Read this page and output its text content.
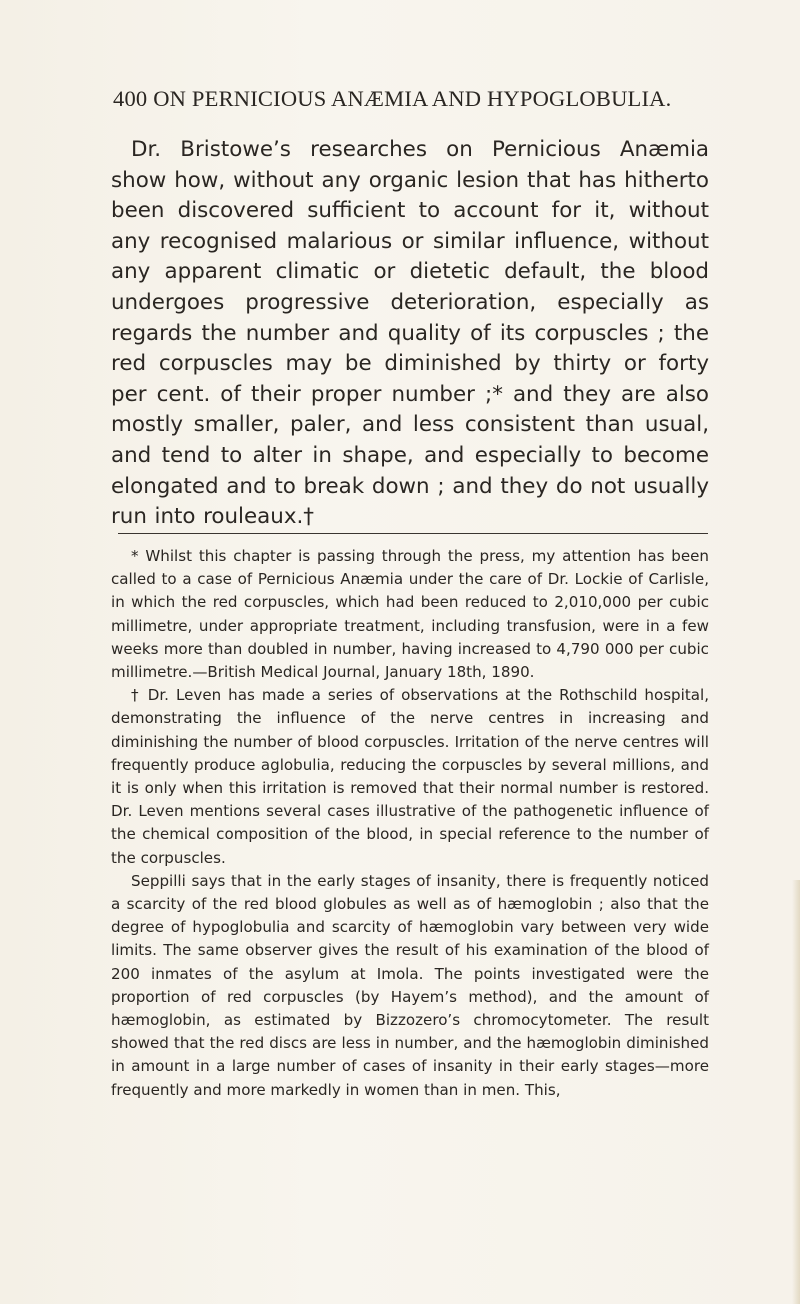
400 ON PERNICIOUS ANÆMIA AND HYPOGLOBULIA.

Dr. Bristowe’s researches on Pernicious Anæmia show how, without any organic lesion that has hitherto been discovered sufficient to account for it, without any recognised malarious or similar influence, without any apparent climatic or dietetic default, the blood undergoes progressive deterioration, especially as regards the number and quality of its corpuscles ; the red corpuscles may be diminished by thirty or forty per cent. of their proper number ;* and they are also mostly smaller, paler, and less consistent than usual, and tend to alter in shape, and especially to become elongated and to break down ; and they do not usually run into rouleaux.†

* Whilst this chapter is passing through the press, my attention has been called to a case of Pernicious Anæmia under the care of Dr. Lockie of Carlisle, in which the red corpuscles, which had been reduced to 2,010,000 per cubic millimetre, under appropriate treatment, including transfusion, were in a few weeks more than doubled in number, having increased to 4,790 000 per cubic millimetre.—British Medical Journal, January 18th, 1890.

† Dr. Leven has made a series of observations at the Rothschild hospital, demonstrating the influence of the nerve centres in increasing and diminishing the number of blood corpuscles. Irritation of the nerve centres will frequently produce aglobulia, reducing the corpuscles by several millions, and it is only when this irritation is removed that their normal number is restored. Dr. Leven mentions several cases illustrative of the pathogenetic influence of the chemical composition of the blood, in special reference to the number of the corpuscles.

Seppilli says that in the early stages of insanity, there is frequently noticed a scarcity of the red blood globules as well as of hæmoglobin ; also that the degree of hypoglobulia and scarcity of hæmoglobin vary between very wide limits. The same observer gives the result of his examination of the blood of 200 inmates of the asylum at Imola. The points investigated were the proportion of red corpuscles (by Hayem’s method), and the amount of hæmoglobin, as estimated by Bizzozero’s chromocytometer. The result showed that the red discs are less in number, and the hæmoglobin diminished in amount in a large number of cases of insanity in their early stages—more frequently and more markedly in women than in men. This,
